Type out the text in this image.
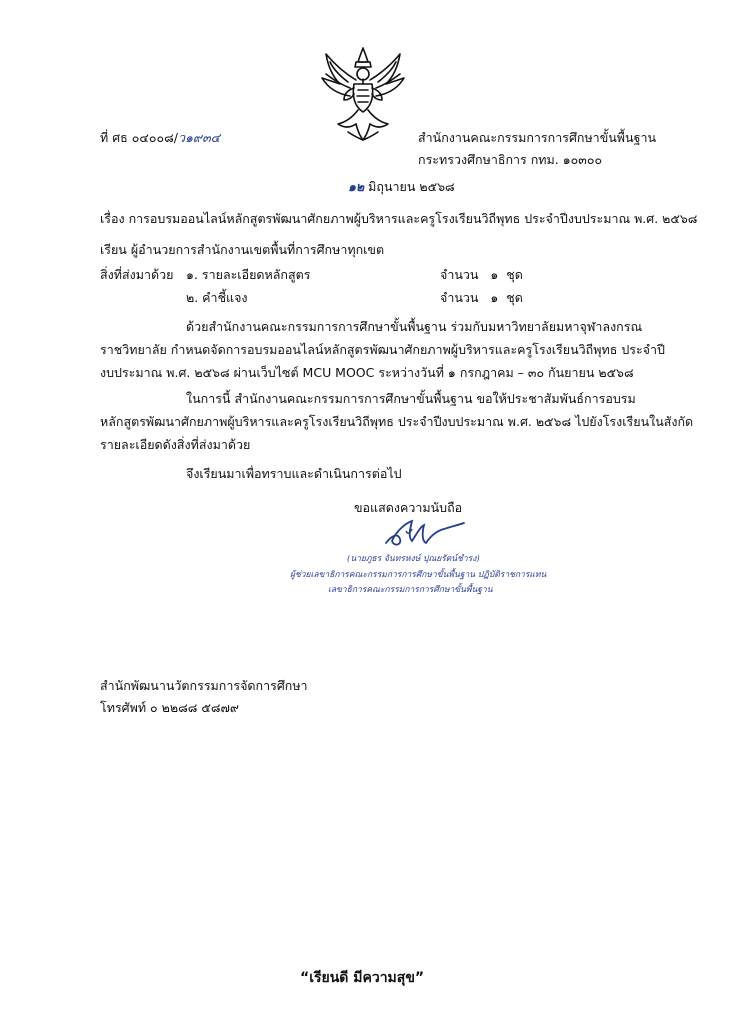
ที่ ศธ ๐๔๐๐๘/ว๑๙๓๔	สำนักงานคณะกรรมการการศึกษาขั้นพื้นฐาน
กระทรวงศึกษาธิการ กทม. ๑๐๓๐๐
๑๒ มิถุนายน ๒๕๖๘
เรื่อง การอบรมออนไลน์หลักสูตรพัฒนาศักยภาพผู้บริหารและครูโรงเรียนวิถีพุทธ ประจำปีงบประมาณ พ.ศ. ๒๕๖๘
เรียน ผู้อำนวยการสำนักงานเขตพื้นที่การศึกษาทุกเขต
สิ่งที่ส่งมาด้วย ๑. รายละเอียดหลักสูตร	จำนวน ๑ ชุด
๒. คำชี้แจง	จำนวน ๑ ชุด
ด้วยสำนักงานคณะกรรมการการศึกษาขั้นพื้นฐาน ร่วมกับมหาวิทยาลัยมหาจุฬาลงกรณ
ราชวิทยาลัย กำหนดจัดการอบรมออนไลน์หลักสูตรพัฒนาศักยภาพผู้บริหารและครูโรงเรียนวิถีพุทธ ประจำปี
งบประมาณ พ.ศ. ๒๕๖๘ ผ่านเว็บไซต์ MCU MOOC ระหว่างวันที่ ๑ กรกฎาคม – ๓๐ กันยายน ๒๕๖๘
ในการนี้ สำนักงานคณะกรรมการการศึกษาขั้นพื้นฐาน ขอให้ประชาสัมพันธ์การอบรม
หลักสูตรพัฒนาศักยภาพผู้บริหารและครูโรงเรียนวิถีพุทธ ประจำปีงบประมาณ พ.ศ. ๒๕๖๘ ไปยังโรงเรียนในสังกัด
รายละเอียดดังสิ่งที่ส่งมาด้วย
จึงเรียนมาเพื่อทราบและดำเนินการต่อไป
ขอแสดงความนับถือ
(นายภูธร จันทรหงษ์ ปุณยรัตน์ชำรง)
ผู้ช่วยเลขาธิการคณะกรรมการการศึกษาขั้นพื้นฐาน ปฏิบัติราชการแทน
เลขาธิการคณะกรรมการการศึกษาขั้นพื้นฐาน
สำนักพัฒนานวัตกรรมการจัดการศึกษา
โทรศัพท์ ๐ ๒๒๘๘ ๕๘๗๙
“เรียนดี มีความสุข”
